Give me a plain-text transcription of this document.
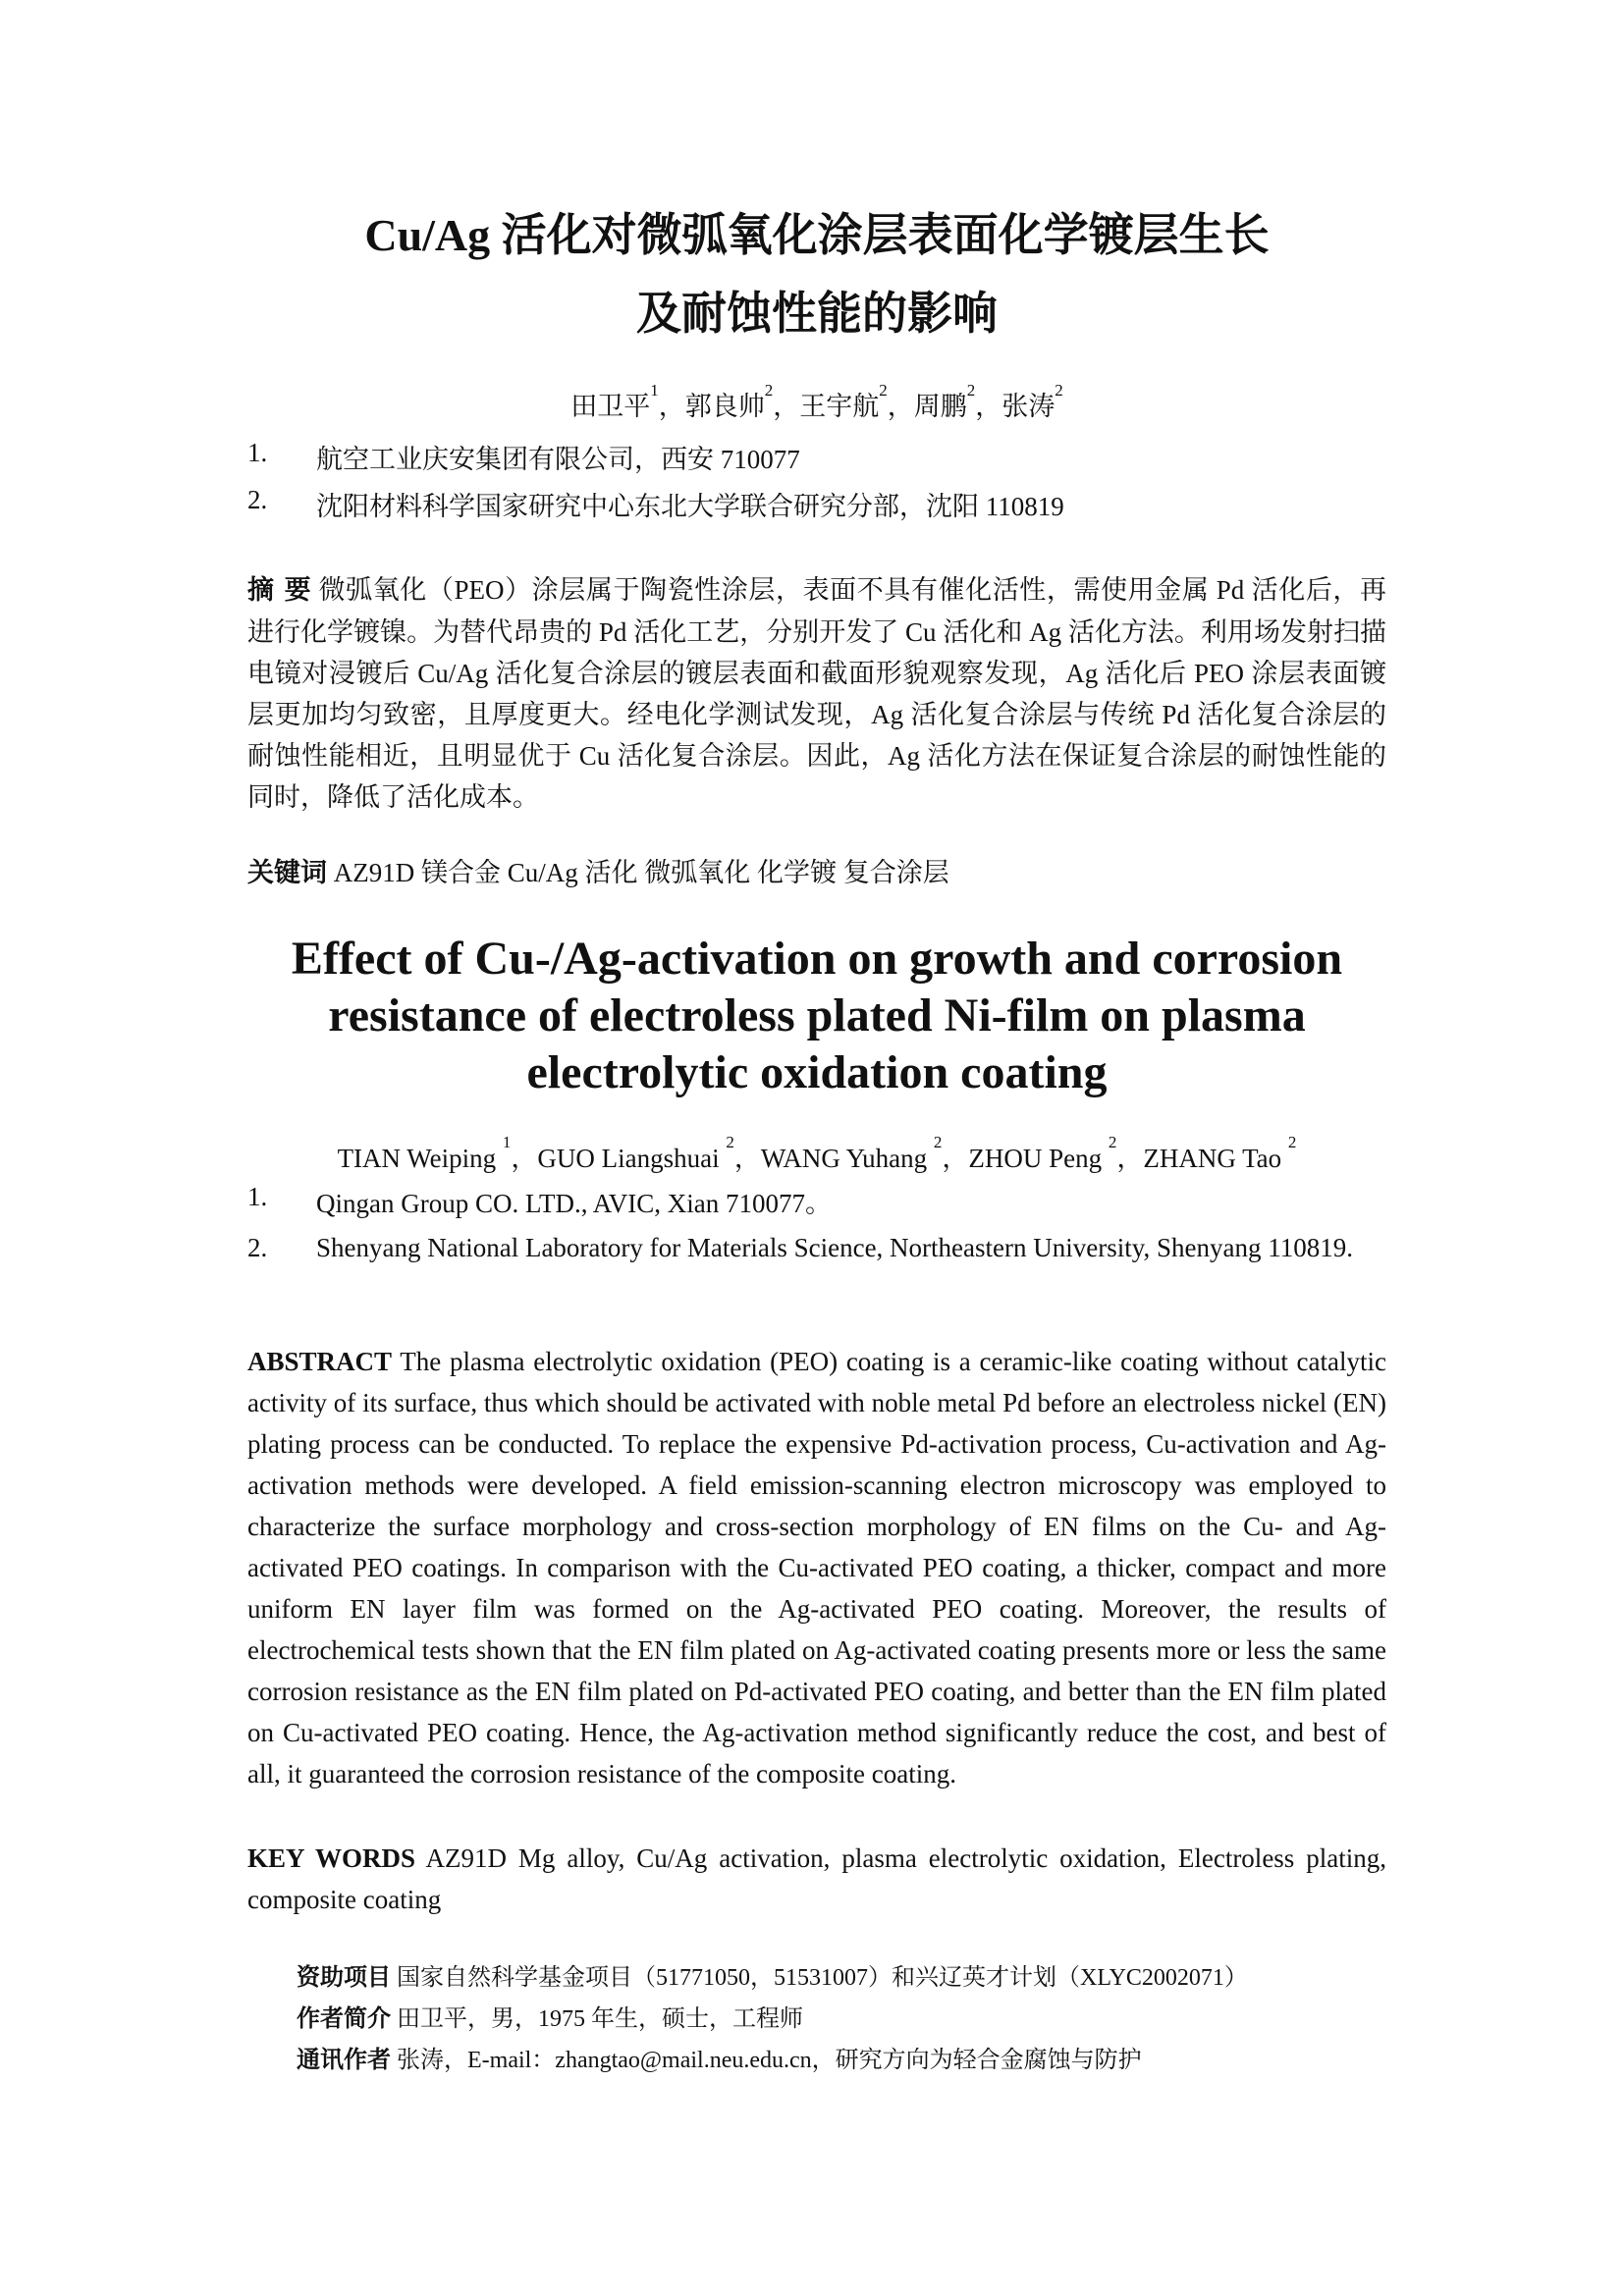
Cu/Ag 活化对微弧氧化涂层表面化学镀层生长
及耐蚀性能的影响
田卫平$^1$，郭良帅$^2$，王宇航$^2$，周鹏$^2$，张涛$^2$
1. 航空工业庆安集团有限公司，西安 710077
2. 沈阳材料科学国家研究中心东北大学联合研究分部，沈阳 110819
摘 要 微弧氧化（PEO）涂层属于陶瓷性涂层，表面不具有催化活性，需使用金属 Pd 活化后，再进行化学镀镍。为替代昂贵的 Pd 活化工艺，分别开发了 Cu 活化和 Ag 活化方法。利用场发射扫描电镜对浸镀后 Cu/Ag 活化复合涂层的镀层表面和截面形貌观察发现，Ag 活化后 PEO 涂层表面镀层更加均匀致密，且厚度更大。经电化学测试发现，Ag 活化复合涂层与传统 Pd 活化复合涂层的耐蚀性能相近，且明显优于 Cu 活化复合涂层。因此，Ag 活化方法在保证复合涂层的耐蚀性能的同时，降低了活化成本。
关键词 AZ91D 镁合金 Cu/Ag 活化 微弧氧化 化学镀 复合涂层
Effect of Cu-/Ag-activation on growth and corrosion
resistance of electroless plated Ni-film on plasma
electrolytic oxidation coating
TIAN Weiping $^1$，GUO Liangshuai $^2$，WANG Yuhang $^2$，ZHOU Peng $^2$，ZHANG Tao $^2$
1. Qingan Group CO. LTD., AVIC, Xian 710077。
2. Shenyang National Laboratory for Materials Science, Northeastern University, Shenyang 110819.
ABSTRACT The plasma electrolytic oxidation (PEO) coating is a ceramic-like coating without catalytic activity of its surface, thus which should be activated with noble metal Pd before an electroless nickel (EN) plating process can be conducted. To replace the expensive Pd-activation process, Cu-activation and Ag-activation methods were developed. A field emission-scanning electron microscopy was employed to characterize the surface morphology and cross-section morphology of EN films on the Cu- and Ag-activated PEO coatings. In comparison with the Cu-activated PEO coating, a thicker, compact and more uniform EN layer film was formed on the Ag-activated PEO coating. Moreover, the results of electrochemical tests shown that the EN film plated on Ag-activated coating presents more or less the same corrosion resistance as the EN film plated on Pd-activated PEO coating, and better than the EN film plated on Cu-activated PEO coating. Hence, the Ag-activation method significantly reduce the cost, and best of all, it guaranteed the corrosion resistance of the composite coating.
KEY WORDS AZ91D Mg alloy, Cu/Ag activation, plasma electrolytic oxidation, Electroless plating, composite coating
资助项目 国家自然科学基金项目（51771050，51531007）和兴辽英才计划（XLYC2002071）
作者简介 田卫平，男，1975 年生，硕士，工程师
通讯作者 张涛，E-mail：zhangtao@mail.neu.edu.cn，研究方向为轻合金腐蚀与防护
